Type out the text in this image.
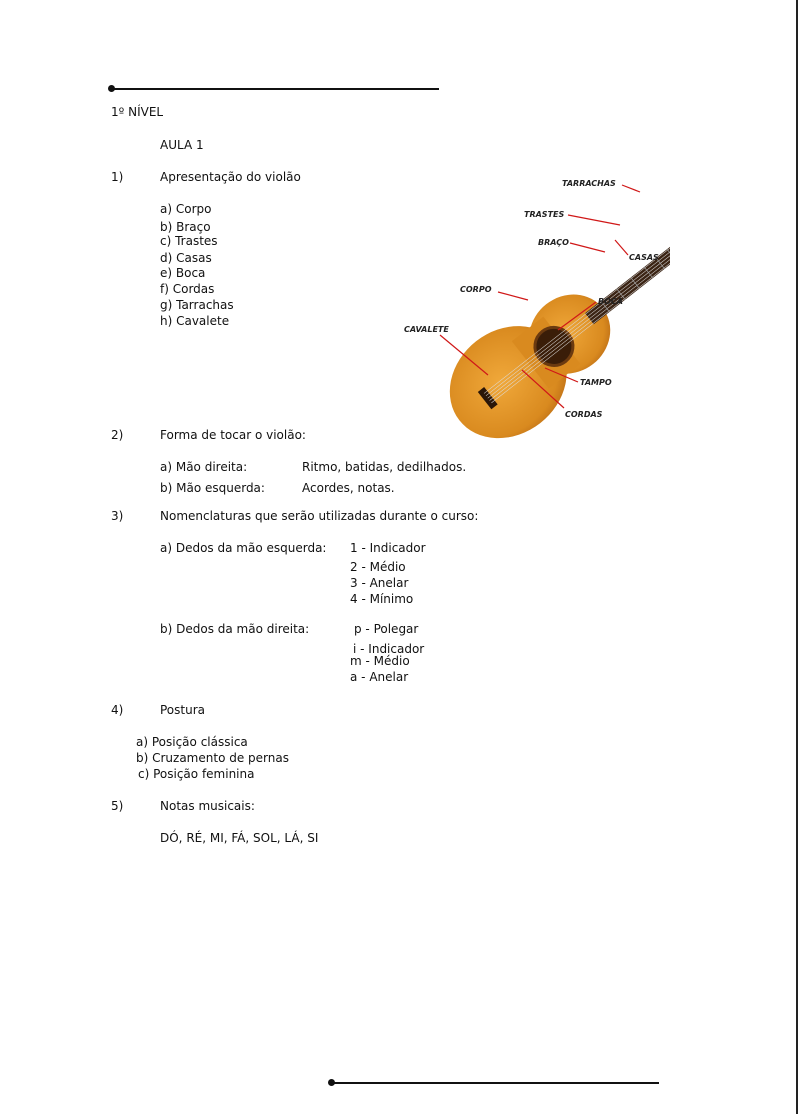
1º NÍVEL
AULA 1
1)	Apresentação do violão
a) Corpo
b) Braço
c) Trastes
d) Casas
e) Boca
f) Cordas
g) Tarrachas
h) Cavalete
TARRACHAS
TRASTES
BRAÇO
CASAS
CORPO
BOCA
CAVALETE
TAMPO
CORDAS
2)	Forma de tocar o violão:
a) Mão direita:	Ritmo, batidas, dedilhados.
b) Mão esquerda:	Acordes, notas.
3)	Nomenclaturas que serão utilizadas durante o curso:
a) Dedos da mão esquerda: 1 - Indicador
2 - Médio
3 - Anelar
4 - Mínimo
b) Dedos da mão direita:	p - Polegar
i - Indicador
m - Médio
a - Anelar
4)	Postura
a) Posição clássica
b) Cruzamento de pernas
c) Posição feminina
5)	Notas musicais:
DÓ, RÉ, MI, FÁ, SOL, LÁ, SI
